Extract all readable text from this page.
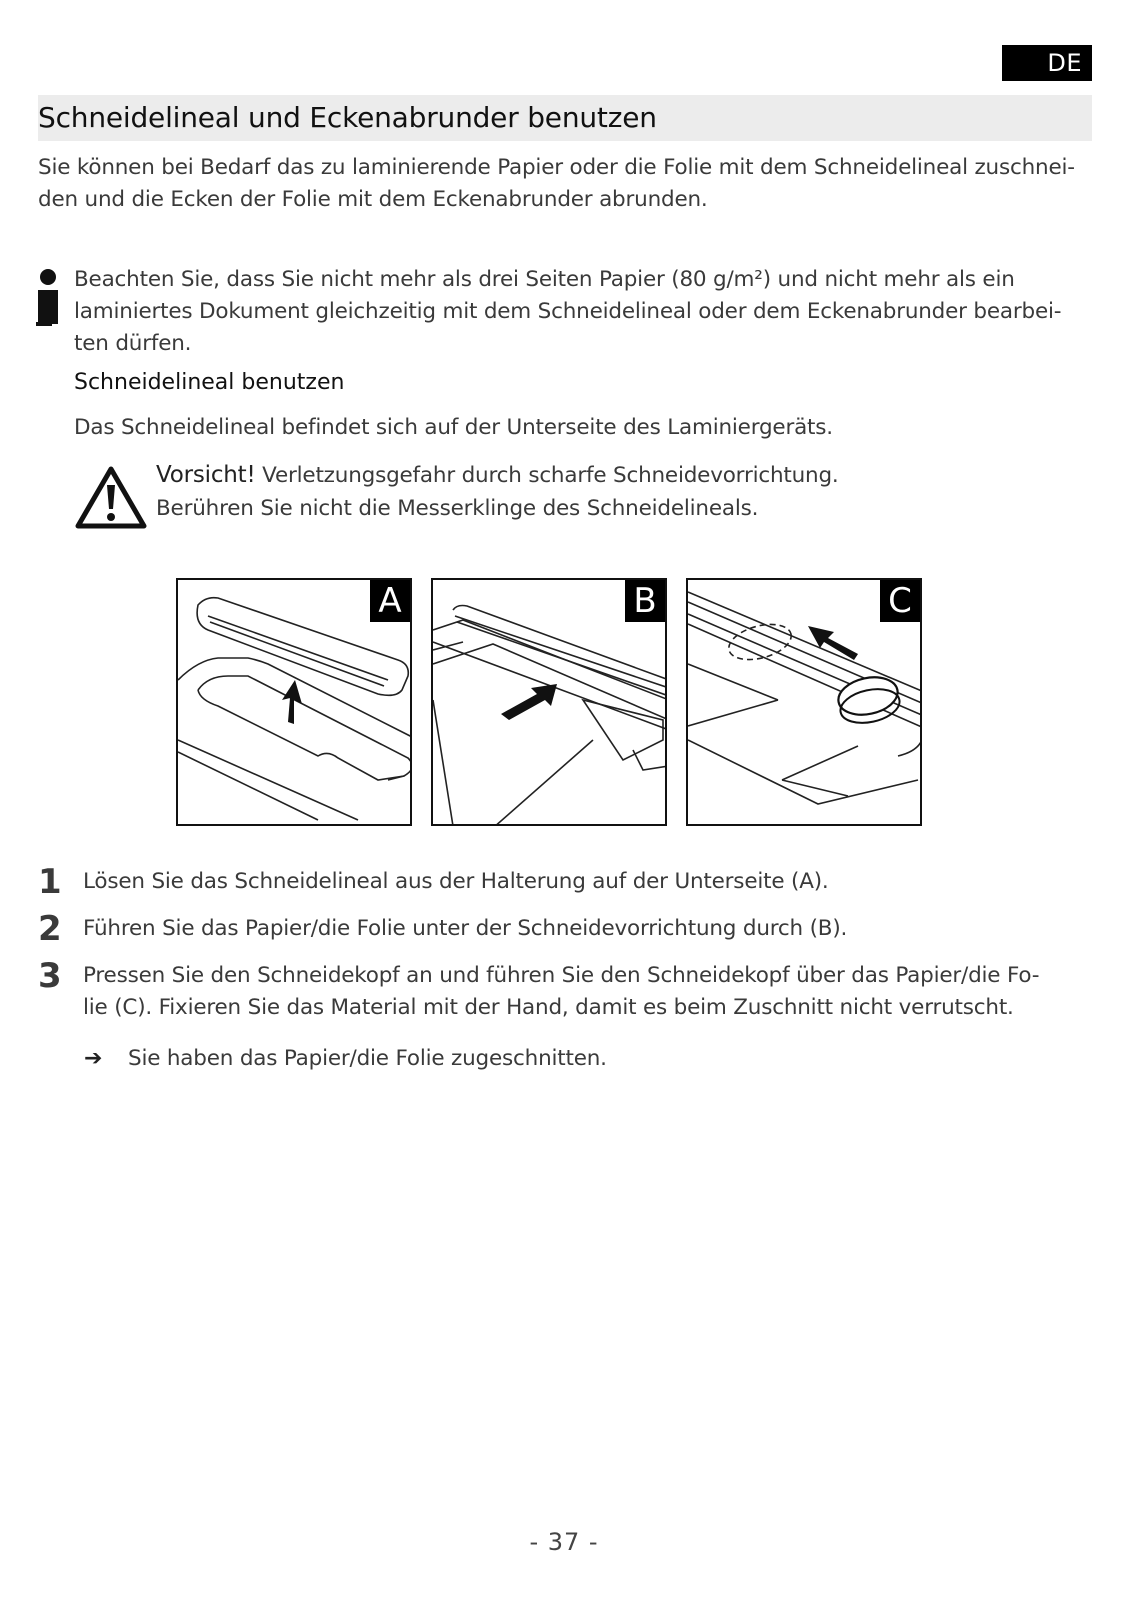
DE
Schneidelineal und Eckenabrunder benutzen

Sie können bei Bedarf das zu laminierende Papier oder die Folie mit dem Schneidelineal zuschnei-
den und die Ecken der Folie mit dem Eckenabrunder abrunden.

Beachten Sie, dass Sie nicht mehr als drei Seiten Papier (80 g/m²) und nicht mehr als ein
laminiertes Dokument gleichzeitig mit dem Schneidelineal oder dem Eckenabrunder bearbei-
ten dürfen.

Schneidelineal benutzen

Das Schneidelineal befindet sich auf der Unterseite des Laminiergeräts.

Vorsicht! Verletzungsgefahr durch scharfe Schneidevorrichtung.
Berühren Sie nicht die Messerklinge des Schneidelineals.

A	B	C
1 Lösen Sie das Schneidelineal aus der Halterung auf der Unterseite (A).
2 Führen Sie das Papier/die Folie unter der Schneidevorrichtung durch (B).
3 Pressen Sie den Schneidekopf an und führen Sie den Schneidekopf über das Papier/die Fo-
lie (C). Fixieren Sie das Material mit der Hand, damit es beim Zuschnitt nicht verrutscht.
➔ Sie haben das Papier/die Folie zugeschnitten.
- 37 -
